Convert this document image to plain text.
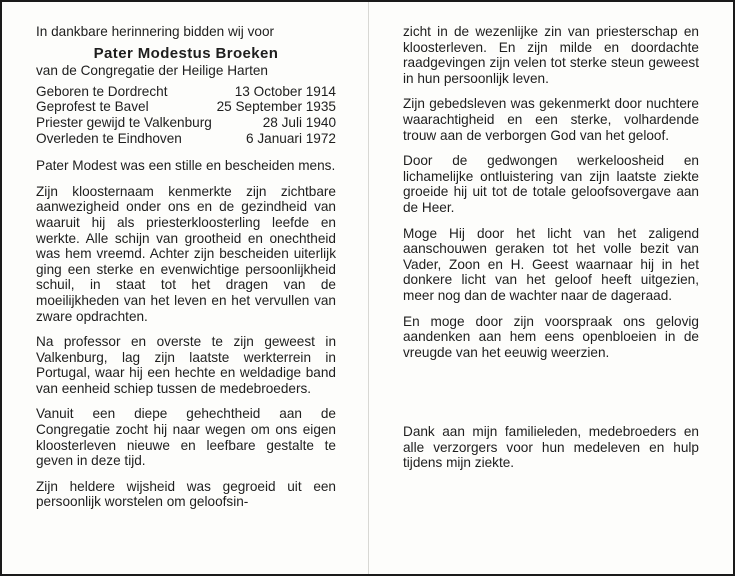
In dankbare herinnering bidden wij voor

Pater Modestus Broeken

van de Congregatie der Heilige Harten

Geboren te Dordrecht	13 October 1914
Geprofest te Bavel	25 September 1935
Priester gewijd te Valkenburg	28 Juli 1940
Overleden te Eindhoven	6 Januari 1972

Pater Modest was een stille en bescheiden mens.

Zijn kloosternaam kenmerkte zijn zichtbare aanwezigheid onder ons en de gezindheid van waaruit hij als priesterkloosterling leefde en werkte. Alle schijn van grootheid en onechtheid was hem vreemd. Achter zijn bescheiden uiterlijk ging een sterke en evenwichtige persoonlijkheid schuil, in staat tot het dragen van de moeilijkheden van het leven en het vervullen van zware opdrachten.

Na professor en overste te zijn geweest in Valkenburg, lag zijn laatste werkterrein in Portugal, waar hij een hechte en weldadige band van eenheid schiep tussen de medebroeders.

Vanuit een diepe gehechtheid aan de Congregatie zocht hij naar wegen om ons eigen kloosterleven nieuwe en leefbare gestalte te geven in deze tijd.

Zijn heldere wijsheid was gegroeid uit een persoonlijk worstelen om geloofsin-

zicht in de wezenlijke zin van priesterschap en kloosterleven. En zijn milde en doordachte raadgevingen zijn velen tot sterke steun geweest in hun persoonlijk leven.

Zijn gebedsleven was gekenmerkt door nuchtere waarachtigheid en een sterke, volhardende trouw aan de verborgen God van het geloof.

Door de gedwongen werkeloosheid en lichamelijke ontluistering van zijn laatste ziekte groeide hij uit tot de totale geloofsovergave aan de Heer.

Moge Hij door het licht van het zaligend aanschouwen geraken tot het volle bezit van Vader, Zoon en H. Geest waarnaar hij in het donkere licht van het geloof heeft uitgezien, meer nog dan de wachter naar de dageraad.

En moge door zijn voorspraak ons gelovig aandenken aan hem eens openbloeien in de vreugde van het eeuwig weerzien.

Dank aan mijn familieleden, medebroeders en alle verzorgers voor hun medeleven en hulp tijdens mijn ziekte.
